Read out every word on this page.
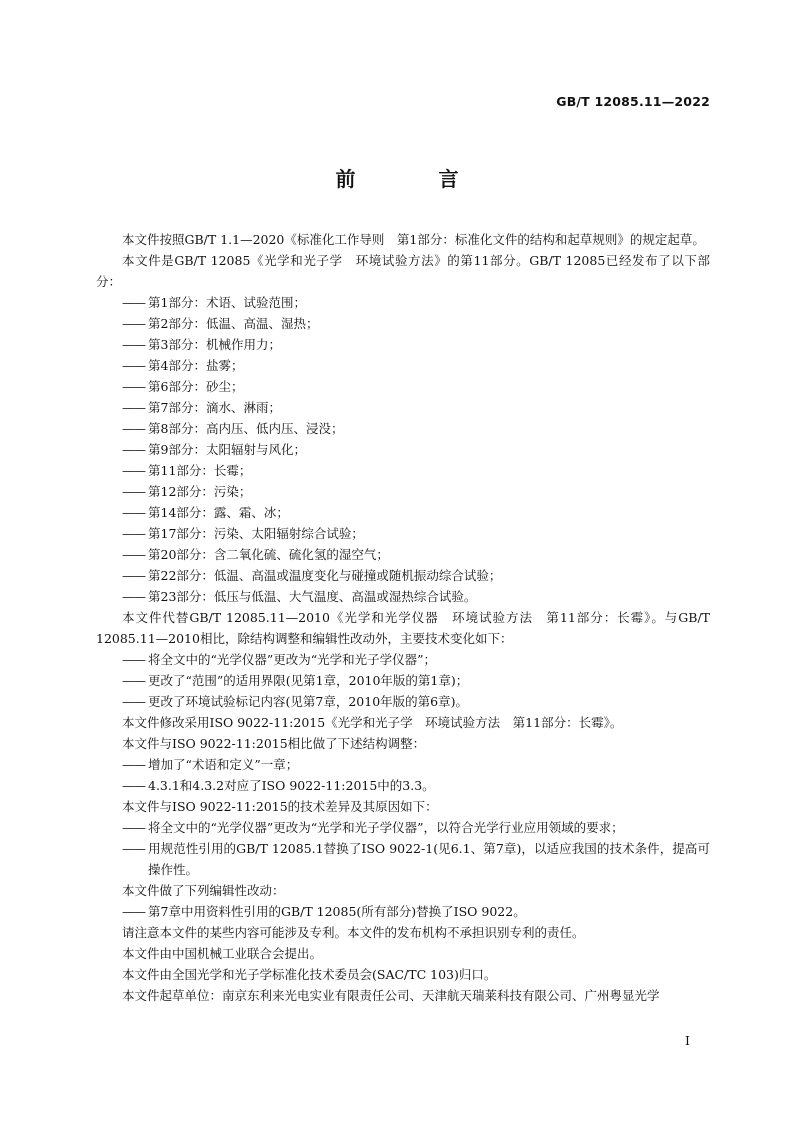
GB/T 12085.11—2022
前 言

本文件按照GB/T 1.1—2020《标准化工作导则　第1部分：标准化文件的结构和起草规则》的规定起草。

本文件是GB/T 12085《光学和光子学　环境试验方法》的第11部分。GB/T 12085已经发布了以下部分：

—— 第1部分：术语、试验范围；

—— 第2部分：低温、高温、湿热；

—— 第3部分：机械作用力；

—— 第4部分：盐雾；

—— 第6部分：砂尘；

—— 第7部分：滴水、淋雨；

—— 第8部分：高内压、低内压、浸没；

—— 第9部分：太阳辐射与风化；

—— 第11部分：长霉；

—— 第12部分：污染；

—— 第14部分：露、霜、冰；

—— 第17部分：污染、太阳辐射综合试验；

—— 第20部分：含二氧化硫、硫化氢的湿空气；

—— 第22部分：低温、高温或温度变化与碰撞或随机振动综合试验；

—— 第23部分：低压与低温、大气温度、高温或湿热综合试验。

本文件代替GB/T 12085.11—2010《光学和光学仪器　环境试验方法　第11部分：长霉》。与GB/T 12085.11—2010相比，除结构调整和编辑性改动外，主要技术变化如下：

—— 将全文中的“光学仪器”更改为“光学和光子学仪器”；

—— 更改了“范围”的适用界限(见第1章，2010年版的第1章)；

—— 更改了环境试验标记内容(见第7章，2010年版的第6章)。

本文件修改采用ISO 9022-11:2015《光学和光子学　环境试验方法　第11部分：长霉》。

本文件与ISO 9022-11:2015相比做了下述结构调整：

—— 增加了“术语和定义”一章；

—— 4.3.1和4.3.2对应了ISO 9022-11:2015中的3.3。

本文件与ISO 9022-11:2015的技术差异及其原因如下：

—— 将全文中的“光学仪器”更改为“光学和光子学仪器”，以符合光学行业应用领域的要求；

—— 用规范性引用的GB/T 12085.1替换了ISO 9022-1(见6.1、第7章)，以适应我国的技术条件，提高可操作性。

本文件做了下列编辑性改动：

—— 第7章中用资料性引用的GB/T 12085(所有部分)替换了ISO 9022。

请注意本文件的某些内容可能涉及专利。本文件的发布机构不承担识别专利的责任。

本文件由中国机械工业联合会提出。

本文件由全国光学和光子学标准化技术委员会(SAC/TC 103)归口。

本文件起草单位：南京东利来光电实业有限责任公司、天津航天瑞莱科技有限公司、广州粤显光学

I
